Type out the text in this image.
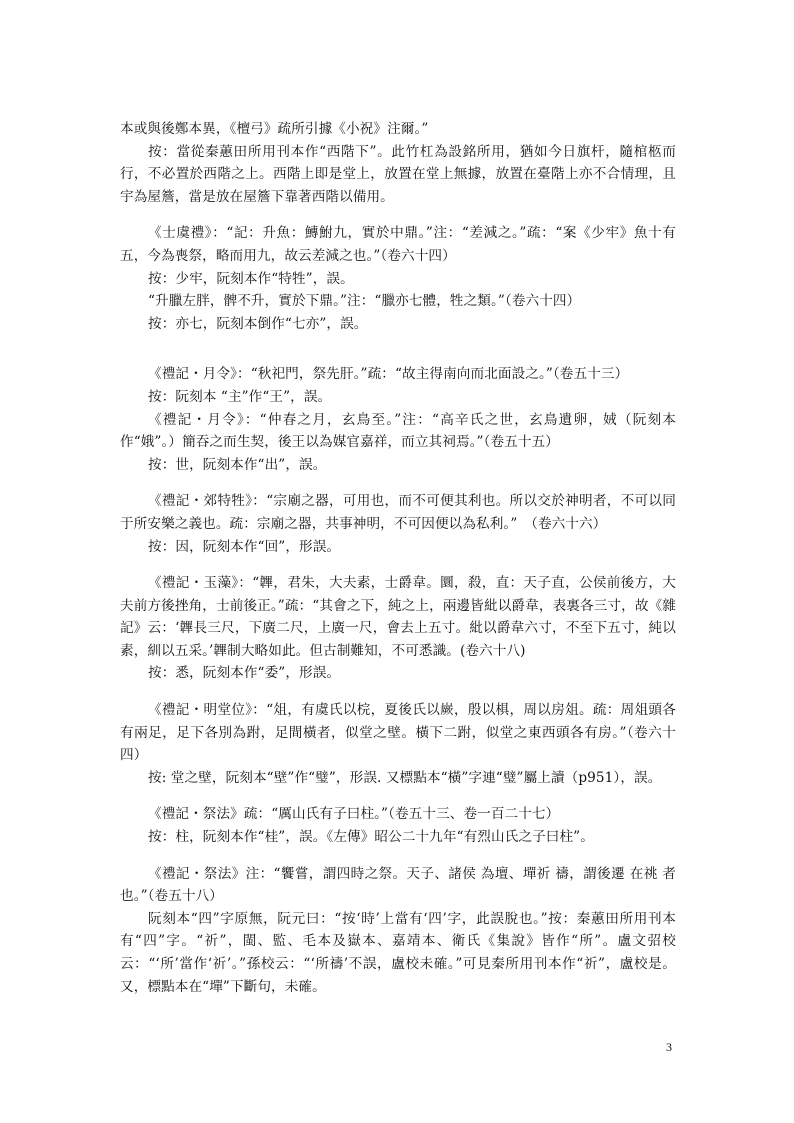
本或與後鄭本異，《檀弓》疏所引據《小祝》注爾。”

按：當從秦蕙田所用刊本作“西階下”。此竹杠為設銘所用，猶如今日旗杆，隨棺柩而行，不必置於西階之上。西階上即是堂上，放置在堂上無據，放置在臺階上亦不合情理，且宇為屋簷，當是放在屋簷下靠著西階以備用。

《士虞禮》：“記：升魚：鱄鮒九，實於中鼎。”注：“差減之。”疏：“案《少牢》魚十有五，今為喪祭，略而用九，故云差減之也。”（卷六十四）

按：少牢，阮刻本作“特牲”，誤。

“升臘左胖，髀不升，實於下鼎。”注：“臘亦七體，牲之類。”（卷六十四）

按：亦七，阮刻本倒作“七亦”，誤。

《禮記・月令》：“秋祀門，祭先肝。”疏：“故主得南向而北面設之。”（卷五十三）

按：阮刻本 “主”作“王”，誤。

《禮記・月令》：“仲春之月，玄鳥至。”注：“高辛氏之世，玄鳥遺卵，娀（阮刻本作“娥”。）簡吞之而生契，後王以為媒官嘉祥，而立其祠焉。”（卷五十五）

按：世，阮刻本作“出”，誤。

《禮記・郊特牲》：“宗廟之器，可用也，而不可便其利也。所以交於神明者，不可以同于所安樂之義也。疏：宗廟之器，共事神明，不可因便以為私利。”　（卷六十六）

按：因，阮刻本作“回”，形誤。

《禮記・玉藻》：“韠，君朱，大夫素，士爵韋。圜，殺，直：天子直，公侯前後方，大夫前方後挫角，士前後正。”疏：“其會之下，純之上，兩邊皆紕以爵韋，表裏各三寸，故《雜記》云：‘韠長三尺，下廣二尺，上廣一尺，會去上五寸。紕以爵韋六寸，不至下五寸，純以素，紃以五采。’韠制大略如此。但古制難知，不可悉識。(卷六十八)

按：悉，阮刻本作“委”，形誤。

《禮記・明堂位》：“俎，有虞氏以梡，夏後氏以嶡，殷以椇，周以房俎。疏：周俎頭各有兩足，足下各別為跗，足間橫者，似堂之壁。橫下二跗，似堂之東西頭各有房。”（卷六十四）

按: 堂之壁，阮刻本“壁”作“璧”，形誤. 又標點本“橫”字連“璧”屬上讀（p951），誤。

《禮記・祭法》疏：“厲山氏有子曰柱。”（卷五十三、卷一百二十七）

按：柱，阮刻本作“桂”，誤。《左傳》昭公二十九年“有烈山氏之子曰柱”。

《禮記・祭法》注：“饗嘗，謂四時之祭。天子、諸侯 為壇、墠祈 禱，謂後遷 在祧 者也。”（卷五十八）

阮刻本“四”字原無，阮元曰：“按‘時’上當有‘四’字，此誤脫也。”按：秦蕙田所用刊本有“四”字。“祈”，閩、監、毛本及嶽本、嘉靖本、衛氏《集說》皆作“所”。盧文弨校云：“‘所’當作‘祈’。”孫校云：“‘所禱’不誤，盧校未確。”可見秦所用刊本作“祈”，盧校是。又，標點本在“墠”下斷句，未確。

3
